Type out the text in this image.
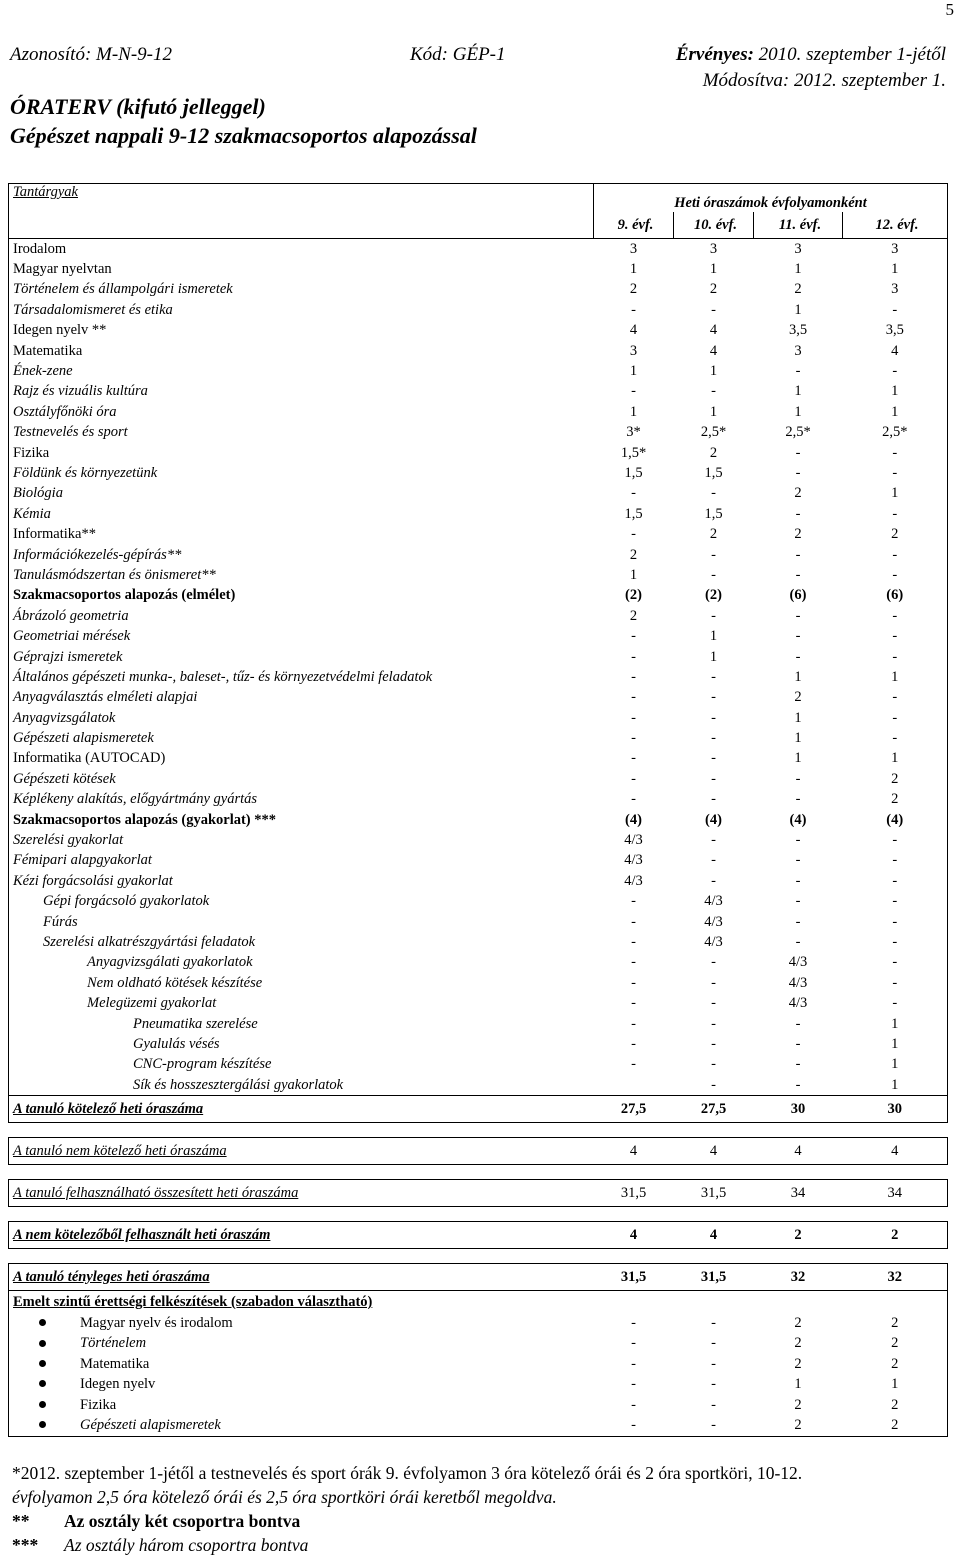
5
Azonosító: M-N-9-12	Kód: GÉP-1	Érvényes: 2010. szeptember 1-jétől
Módosítva: 2012. szeptember 1.
ÓRATERV (kifutó jelleggel)
Gépészet nappali 9-12 szakmacsoportos alapozással
Tantárgyak	Heti óraszámok évfolyamonként			
	9. évf.	10. évf.	11. évf.	12. évf.
Irodalom	3	3	3	3
Magyar nyelvtan	1	1	1	1
Történelem és állampolgári ismeretek	2	2	2	3
Társadalomismeret és etika	-	-	1	-
Idegen nyelv **	4	4	3,5	3,5
Matematika	3	4	3	4
Ének-zene	1	1	-	-
Rajz és vizuális kultúra	-	-	1	1
Osztályfőnöki óra	1	1	1	1
Testnevelés és sport	3*	2,5*	2,5*	2,5*
Fizika	1,5*	2	-	-
Földünk és környezetünk	1,5	1,5	-	-
Biológia	-	-	2	1
Kémia	1,5	1,5	-	-
Informatika**	-	2	2	2
Információkezelés-gépírás**	2	-	-	-
Tanulásmódszertan és önismeret**	1	-	-	-
Szakmacsoportos alapozás (elmélet)	(2)	(2)	(6)	(6)
Ábrázoló geometria	2	-	-	-
Geometriai mérések	-	1	-	-
Géprajzi ismeretek	-	1	-	-
Általános gépészeti munka-, baleset-, tűz- és környezetvédelmi feladatok	-	-	1	1
Anyagválasztás elméleti alapjai	-	-	2	-
Anyagvizsgálatok	-	-	1	-
Gépészeti alapismeretek	-	-	1	-
Informatika (AUTOCAD)	-	-	1	1
Gépészeti kötések	-	-	-	2
Képlékeny alakítás, előgyártmány gyártás	-	-	-	2
Szakmacsoportos alapozás (gyakorlat) ***	(4)	(4)	(4)	(4)
Szerelési gyakorlat	4/3	-	-	-
Fémipari alapgyakorlat	4/3	-	-	-
Kézi forgácsolási gyakorlat	4/3	-	-	-
Gépi forgácsoló gyakorlatok	-	4/3	-	-
Fúrás	-	4/3	-	-
Szerelési alkatrészgyártási feladatok	-	4/3	-	-
Anyagvizsgálati gyakorlatok	-	-	4/3	-
Nem oldható kötések készítése	-	-	4/3	-
Melegüzemi gyakorlat	-	-	4/3	-
Pneumatika szerelése	-	-	-	1
Gyalulás vésés	-	-	-	1
CNC-program készítése	-	-	-	1
Sík és hosszesztergálási gyakorlatok		-	-	1
A tanuló kötelező heti óraszáma	27,5	27,5	30	30

A tanuló nem kötelező heti óraszáma	4	4	4	4

A tanuló felhasználható összesített heti óraszáma	31,5	31,5	34	34

A nem kötelezőből felhasznált heti óraszám	4	4	2	2

A tanuló tényleges heti óraszáma	31,5	31,5	32	32
Emelt szintű érettségi felkészítések (szabadon választható)				
Magyar nyelv és irodalom	-	-	2	2
Történelem	-	-	2	2
Matematika	-	-	2	2
Idegen nyelv	-	-	1	1
Fizika	-	-	2	2
Gépészeti alapismeretek	-	-	2	2
*2012. szeptember 1-jétől a testnevelés és sport órák 9. évfolyamon 3 óra kötelező órái és 2 óra sportköri, 10-12.
évfolyamon 2,5 óra kötelező órái és 2,5 óra sportköri órái keretből megoldva.
** Az osztály két csoportra bontva
*** Az osztály három csoportra bontva
